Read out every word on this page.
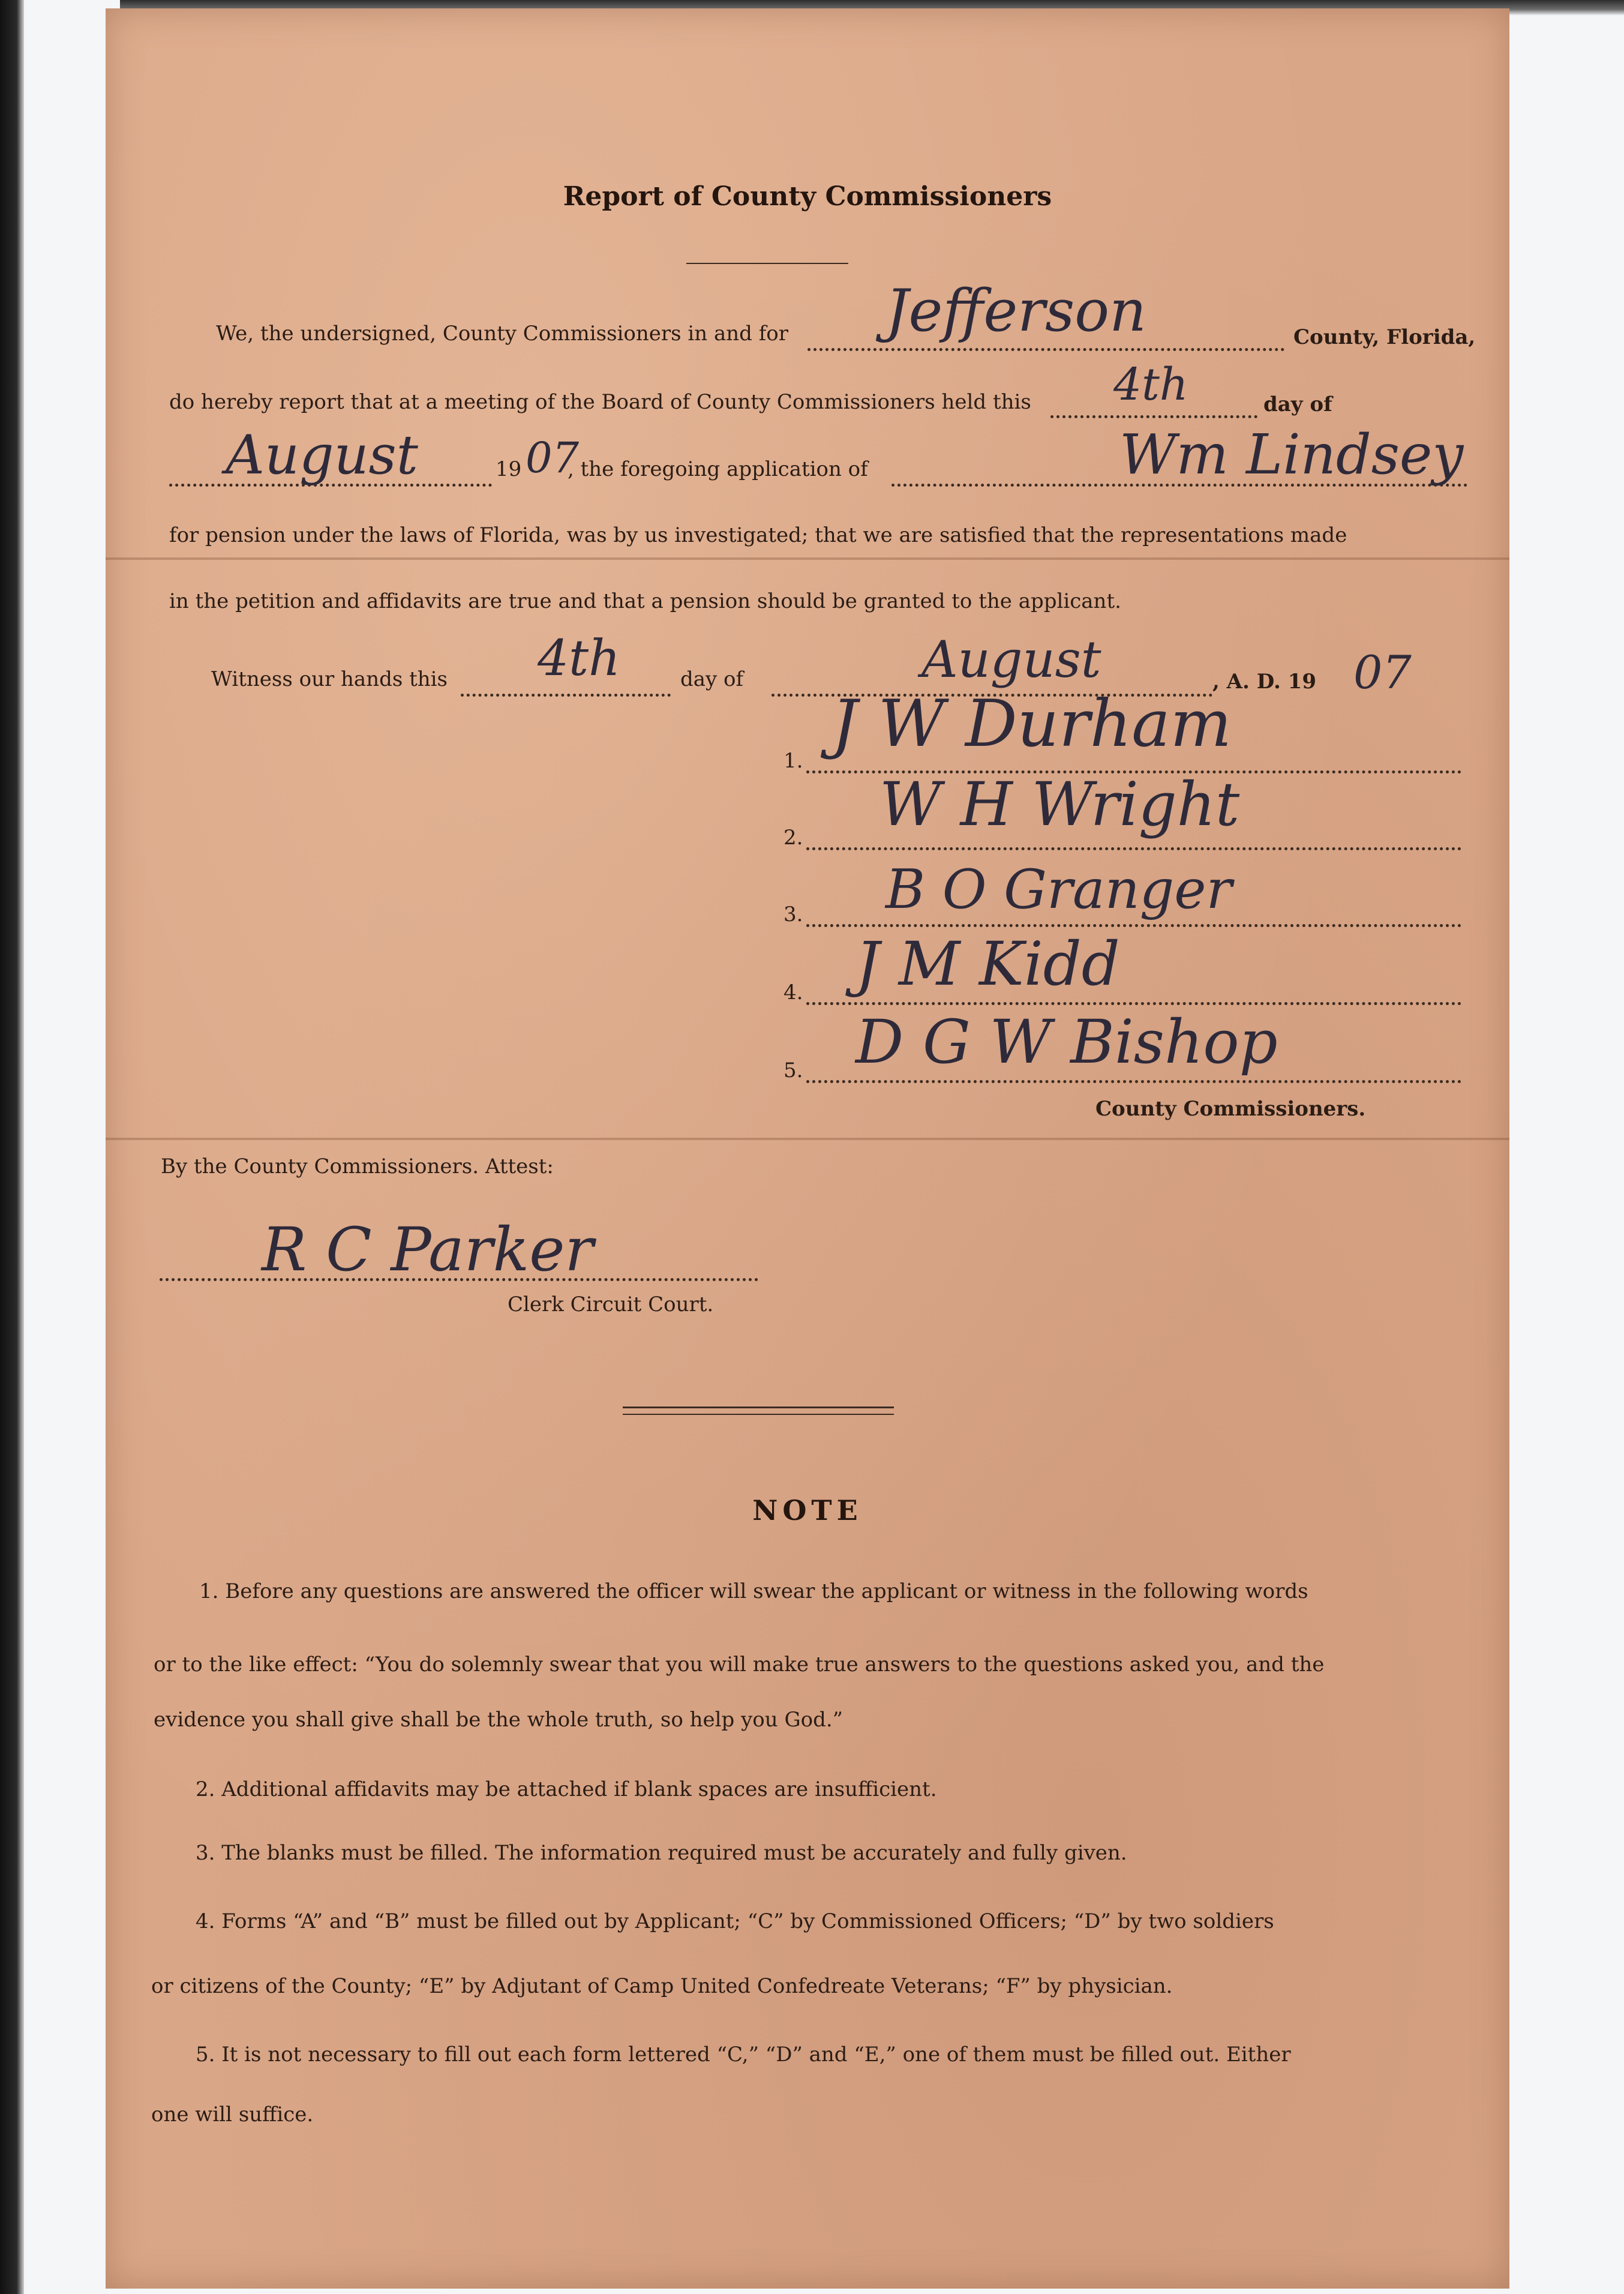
Report of County Commissioners
We, the undersigned, County Commissioners in and for Jefferson	County, Florida,
do hereby report that at a meeting of the Board of County Commissioners held this 4th	day of
August	19 07
, the foregoing application of	Wm Lindsey
for pension under the laws of Florida, was by us investigated; that we are satisfied that the representations made
in the petition and affidavits are true and that a pension should be granted to the applicant.
Witness our hands this 4th	day of	August	, A. D. 19 07
1. J W Durham
2. W H Wright
3. B O Granger
4. J M Kidd
5. D G W Bishop
County Commissioners.
By the County Commissioners. Attest:
R C Parker
Clerk Circuit Court.
NOTE
1. Before any questions are answered the officer will swear the applicant or witness in the following words
or to the like effect: “You do solemnly swear that you will make true answers to the questions asked you, and the
evidence you shall give shall be the whole truth, so help you God.”
2. Additional affidavits may be attached if blank spaces are insufficient.
3. The blanks must be filled. The information required must be accurately and fully given.
4. Forms “A” and “B” must be filled out by Applicant; “C” by Commissioned Officers; “D” by two soldiers
or citizens of the County; “E” by Adjutant of Camp United Confedreate Veterans; “F” by physician.
5. It is not necessary to fill out each form lettered “C,” “D” and “E,” one of them must be filled out. Either
one will suffice.
